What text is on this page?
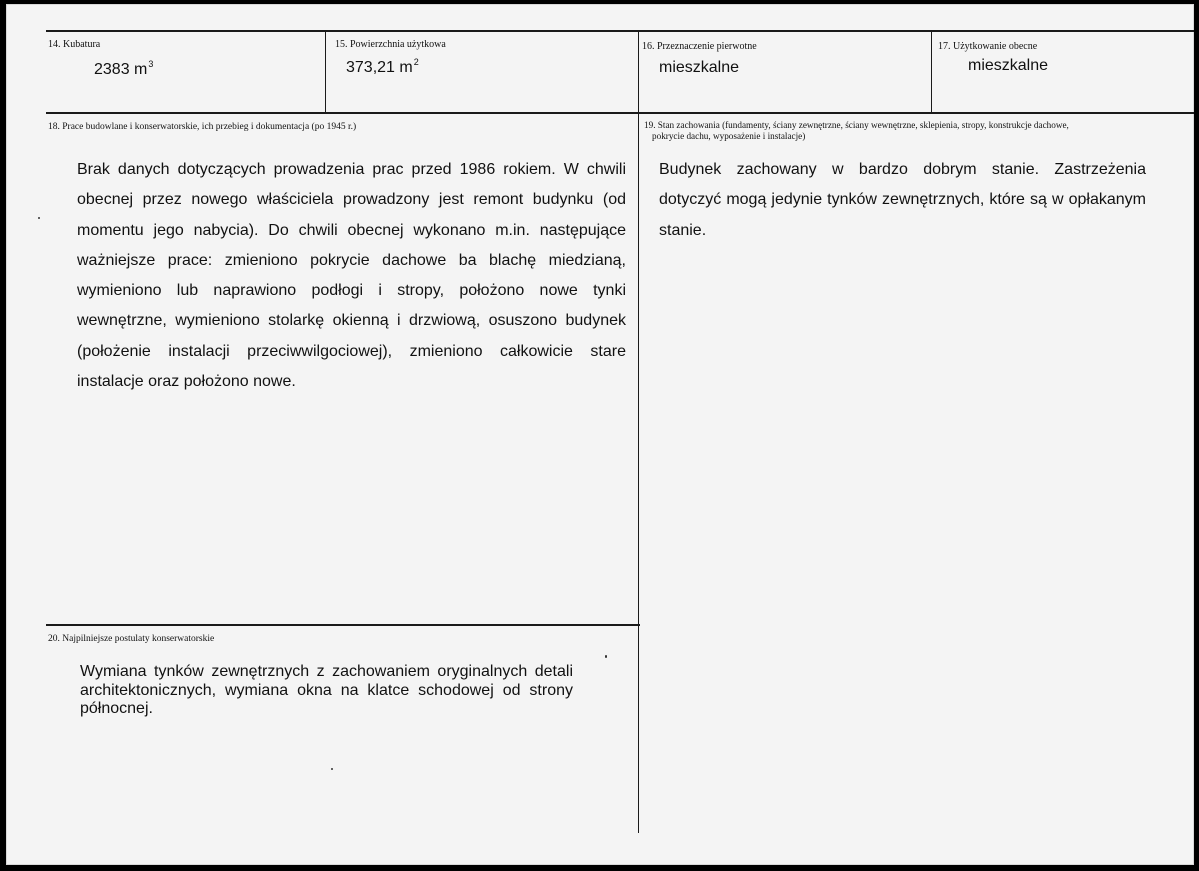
14. Kubatura
2383 $m^3$
15. Powierzchnia użytkowa
373,21 $m^2$
16. Przeznaczenie pierwotne
mieszkalne
17. Użytkowanie obecne
mieszkalne
18. Prace budowlane i konserwatorskie, ich przebieg i dokumentacja (po 1945 r.)
Brak danych dotyczących prowadzenia prac przed 1986 rokiem. W chwili obecnej przez nowego właściciela prowadzony jest remont budynku (od momentu jego nabycia). Do chwili obecnej wykonano m.in. następujące ważniejsze prace: zmieniono pokrycie dachowe ba blachę miedzianą, wymieniono lub naprawiono podłogi i stropy, położono nowe tynki wewnętrzne, wymieniono stolarkę okienną i drzwiową, osuszono budynek (położenie instalacji przeciwwilgociowej), zmieniono całkowicie stare instalacje oraz położono nowe.
19. Stan zachowania (fundamenty, ściany zewnętrzne, ściany wewnętrzne, sklepienia, stropy, konstrukcje dachowe,
pokrycie dachu, wyposażenie i instalacje)
Budynek zachowany w bardzo dobrym stanie. Zastrzeżenia dotyczyć mogą jedynie tynków zewnętrznych, które są w opłakanym stanie.
20. Najpilniejsze postulaty konserwatorskie
Wymiana tynków zewnętrznych z zachowaniem oryginalnych detali architektonicznych, wymiana okna na klatce schodowej od strony północnej.
